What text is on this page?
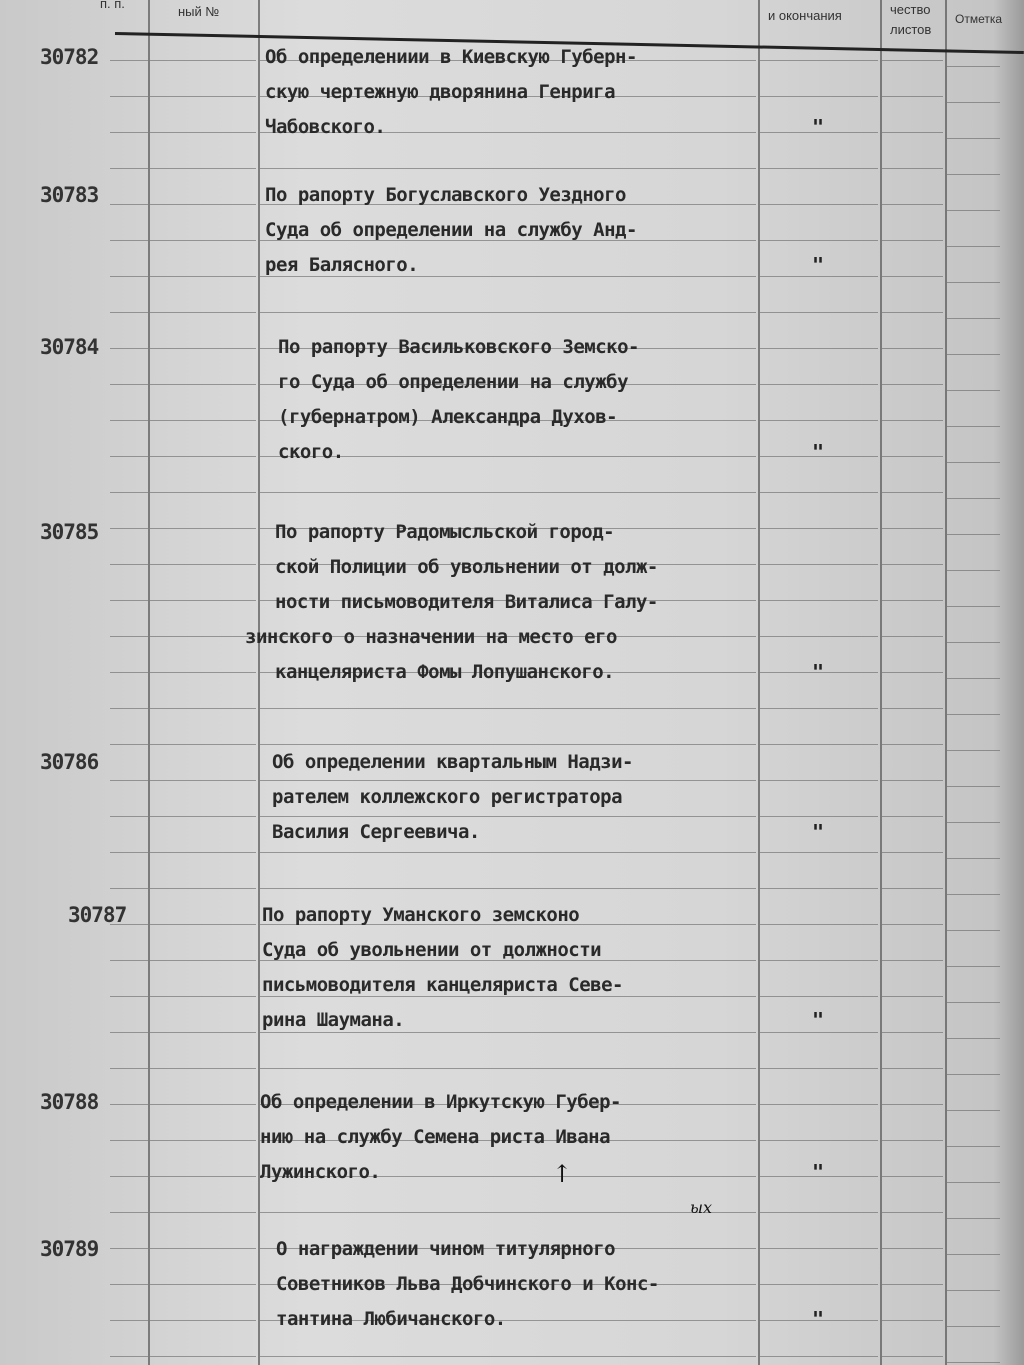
п. п.
ный №	и окончания	чество
листов
Отметка
30782	Об определениии в Киевскую Губерн-
скую чертежную дворянина Генрига
Чабовского.	"
30783	По рапорту Богуславского Уездного
Суда об определении на службу Анд-
рея Балясного.	"
30784	По рапорту Васильковского Земско-
го Суда об определении на службу
(губернатром) Александра Духов-
ского.	"
30785	По рапорту Радомысльской город-
ской Полиции об увольнении от долж-
ности письмоводителя Виталиса Галу-
зинского о назначении на место его
канцеляриста Фомы Лопушанского.	"
30786	Об определении квартальным Надзи-
рателем коллежского регистратора
Василия Сергеевича.	"
30787	По рапорту Уманского земсконо
Суда об увольнении от должности
письмоводителя канцеляриста Севе-
рина Шаумана.	"
30788	Об определении в Иркутскую Губер-
нию на службу Семена риста Ивана
Лужинского.	"
30789	О награждении чином титулярного
Советников Льва Добчинского и Конс-
тантина Любичанского.	"
↑
ых
